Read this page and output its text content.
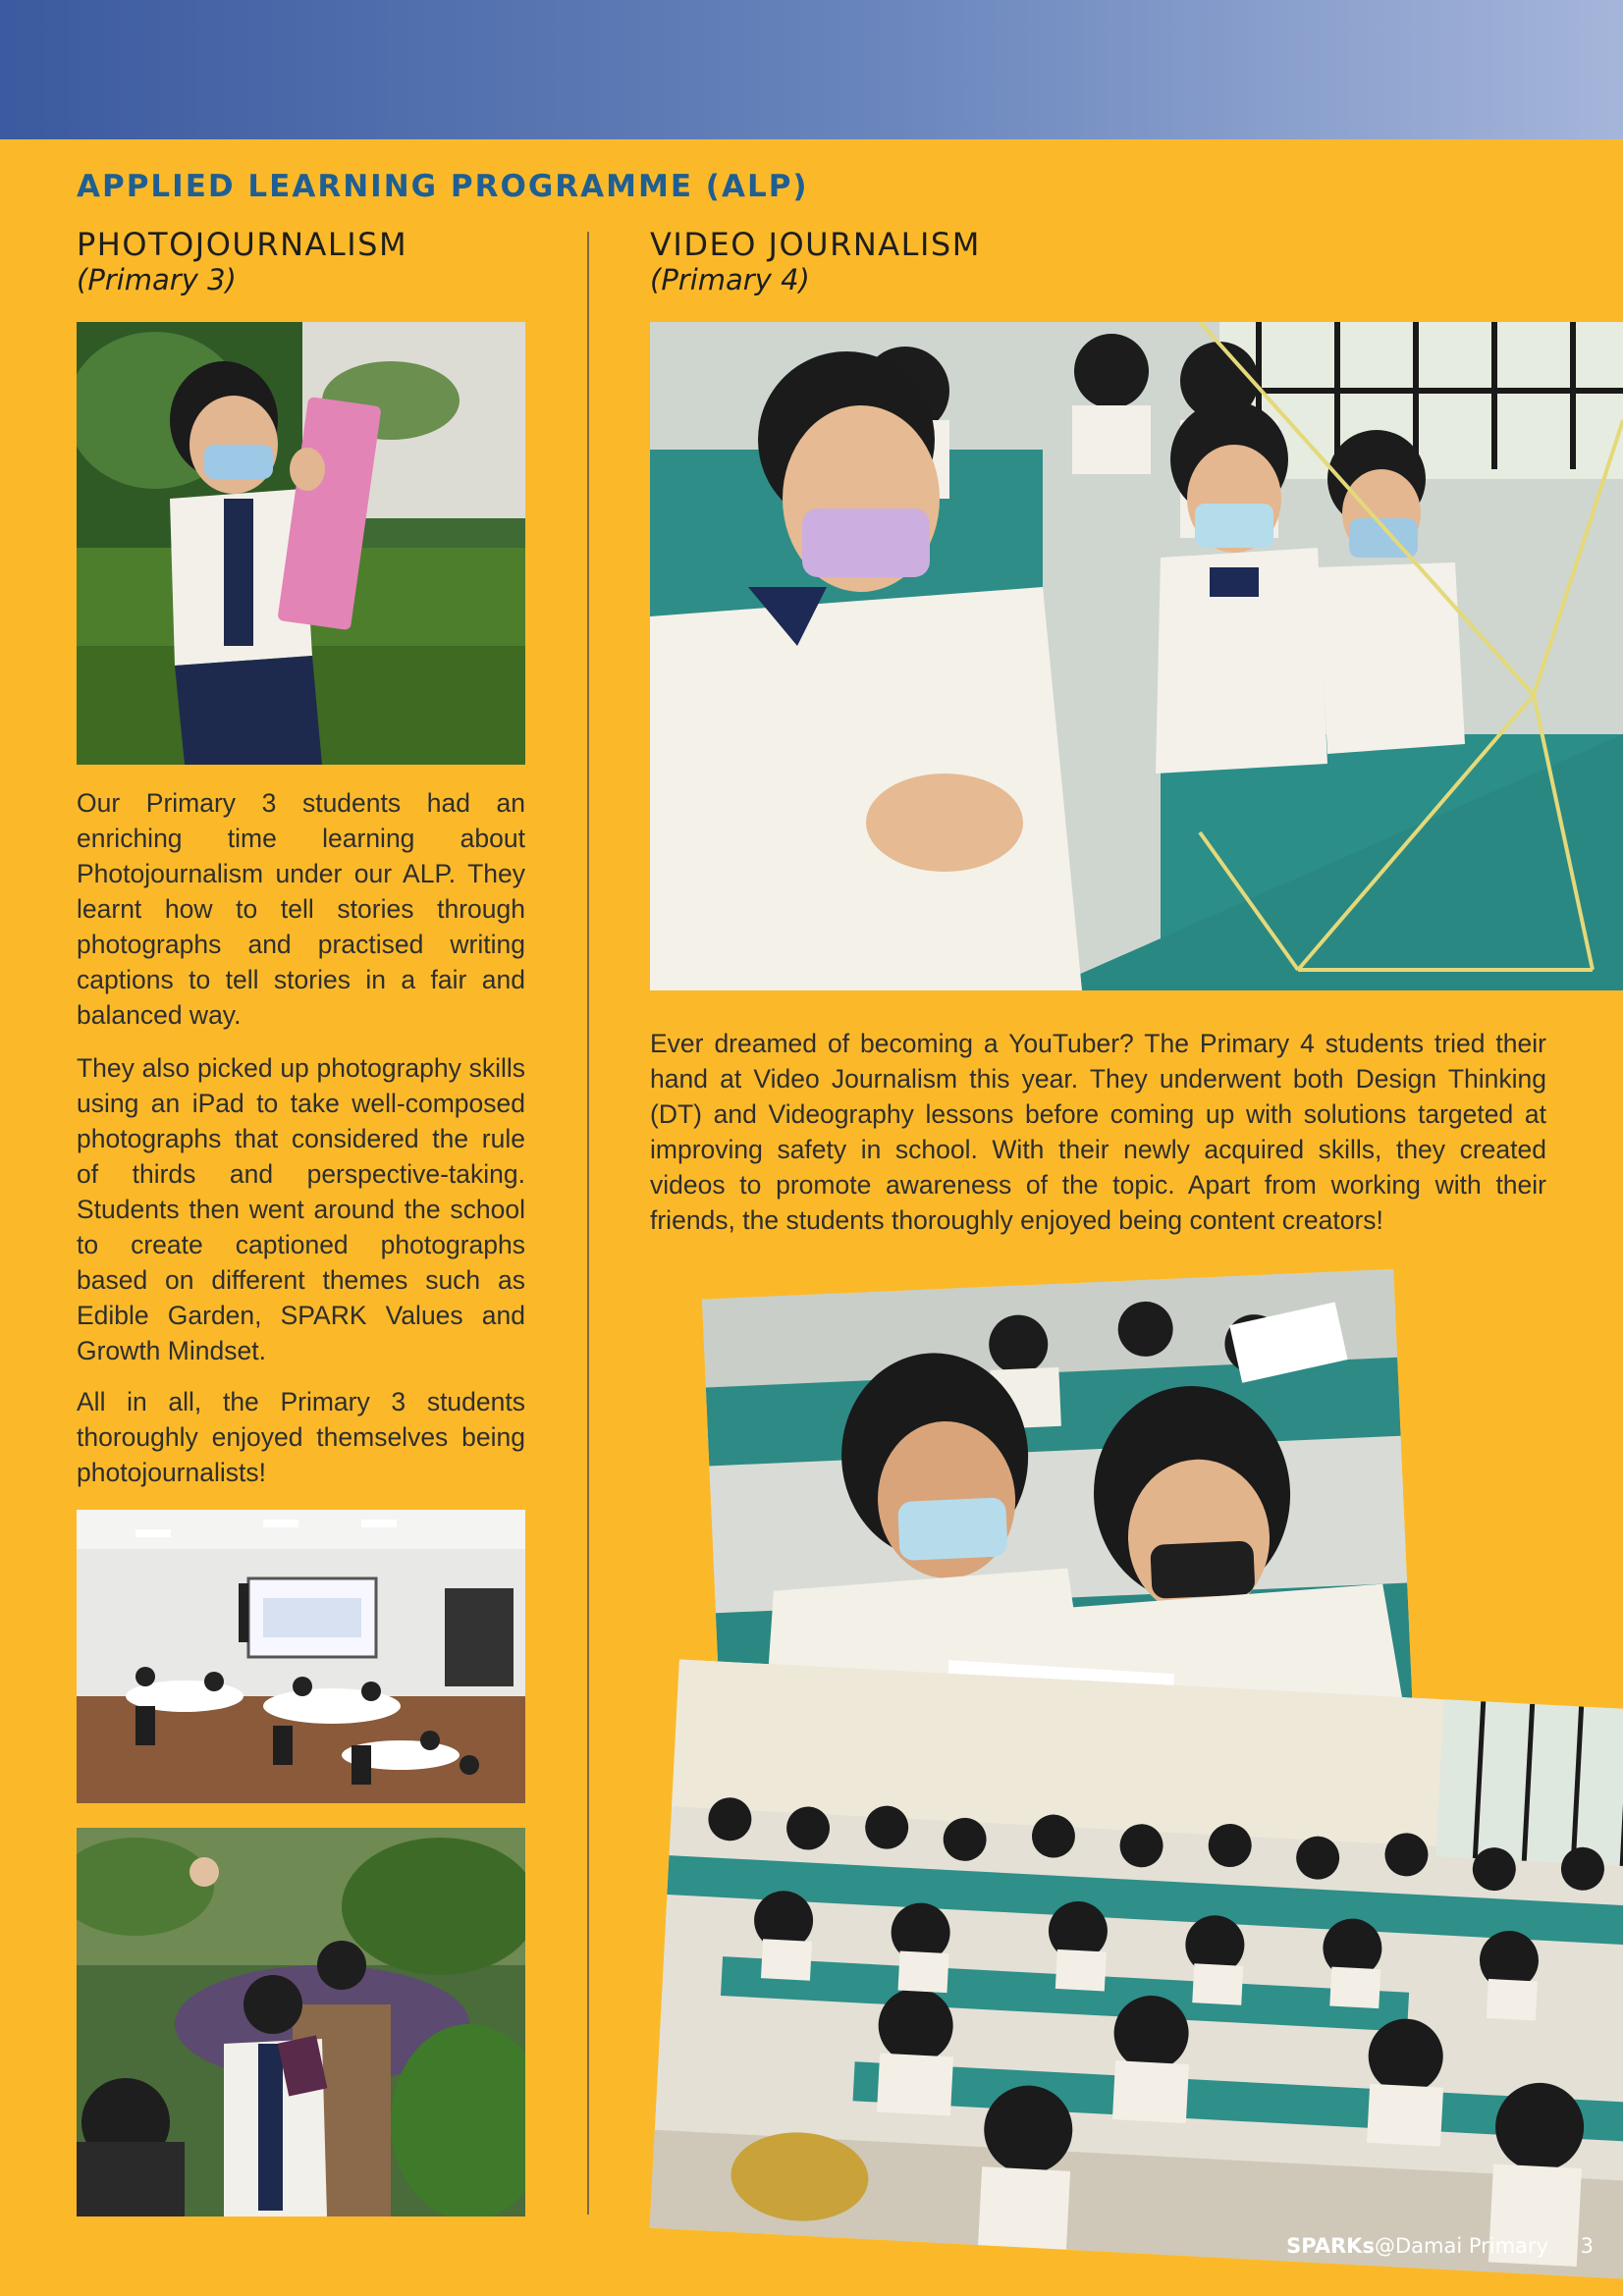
APPLIED LEARNING PROGRAMME (ALP)
PHOTOJOURNALISM
(Primary 3)

Our Primary 3 students had an enriching time learning about Photojournalism under our ALP. They learnt how to tell stories through photographs and practised writing captions to tell stories in a fair and balanced way.

They also picked up photography skills using an iPad to take well-composed photographs that considered the rule of thirds and perspective-taking. Students then went around the school to create captioned photographs based on different themes such as Edible Garden, SPARK Values and Growth Mindset.

All in all, the Primary 3 students thoroughly enjoyed themselves being photojournalists!

VIDEO JOURNALISM
(Primary 4)

Ever dreamed of becoming a YouTuber? The Primary 4 students tried their hand at Video Journalism this year. They underwent both Design Thinking (DT) and Videography lessons before coming up with solutions targeted at improving safety in school. With their newly acquired skills, they created videos to promote awareness of the topic. Apart from working with their friends, the students thoroughly enjoyed being content creators!

SPARKs@Damai Primary 3
